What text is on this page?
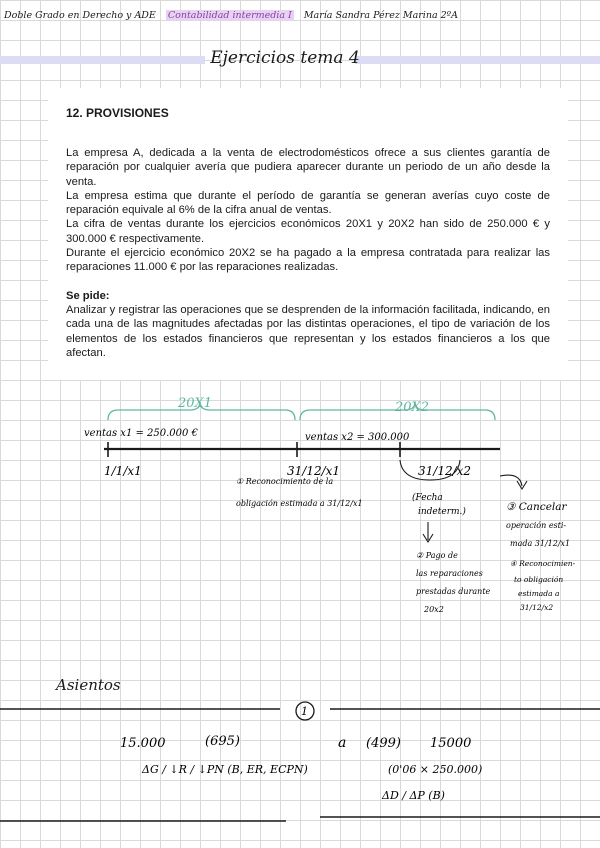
Doble Grado en Derecho y ADE Contabilidad intermedia I María Sandra Pérez Marina 2ºA
Ejercicios tema 4
12. PROVISIONES

La empresa A, dedicada a la venta de electrodomésticos ofrece a sus clientes garantía de reparación por cualquier avería que pudiera aparecer durante un periodo de un año desde la venta.

La empresa estima que durante el período de garantía se generan averías cuyo coste de reparación equivale al 6% de la cifra anual de ventas.

La cifra de ventas durante los ejercicios económicos 20X1 y 20X2 han sido de 250.000 € y 300.000 € respectivamente.

Durante el ejercicio económico 20X2 se ha pagado a la empresa contratada para realizar las reparaciones 11.000 € por las reparaciones realizadas.

Se pide:

Analizar y registrar las operaciones que se desprenden de la información facilitada, indicando, en cada una de las magnitudes afectadas por las distintas operaciones, el tipo de variación de los elementos de los estados financieros que representan y los estados financieros a los que afectan.

20X1	20X2
ventas x1 = 250.000 €	ventas x2 = 300.000
1/1/x1	31/12/x1	31/12/x2
① Reconocimiento de la
obligación estimada a 31/12/x1
(Fecha
indeterm.)
② Pago de
las reparaciones
prestadas durante
20x2
③ Cancelar
operación esti-
mada 31/12/x1
④ Reconocimien-
to obligación
estimada a
31/12/x2
Asientos
1
15.000	(695)	a (499) 15000
ΔG / ↓R / ↓PN (B, ER, ECPN)	(0'06 × 250.000)
ΔD / ΔP (B)
